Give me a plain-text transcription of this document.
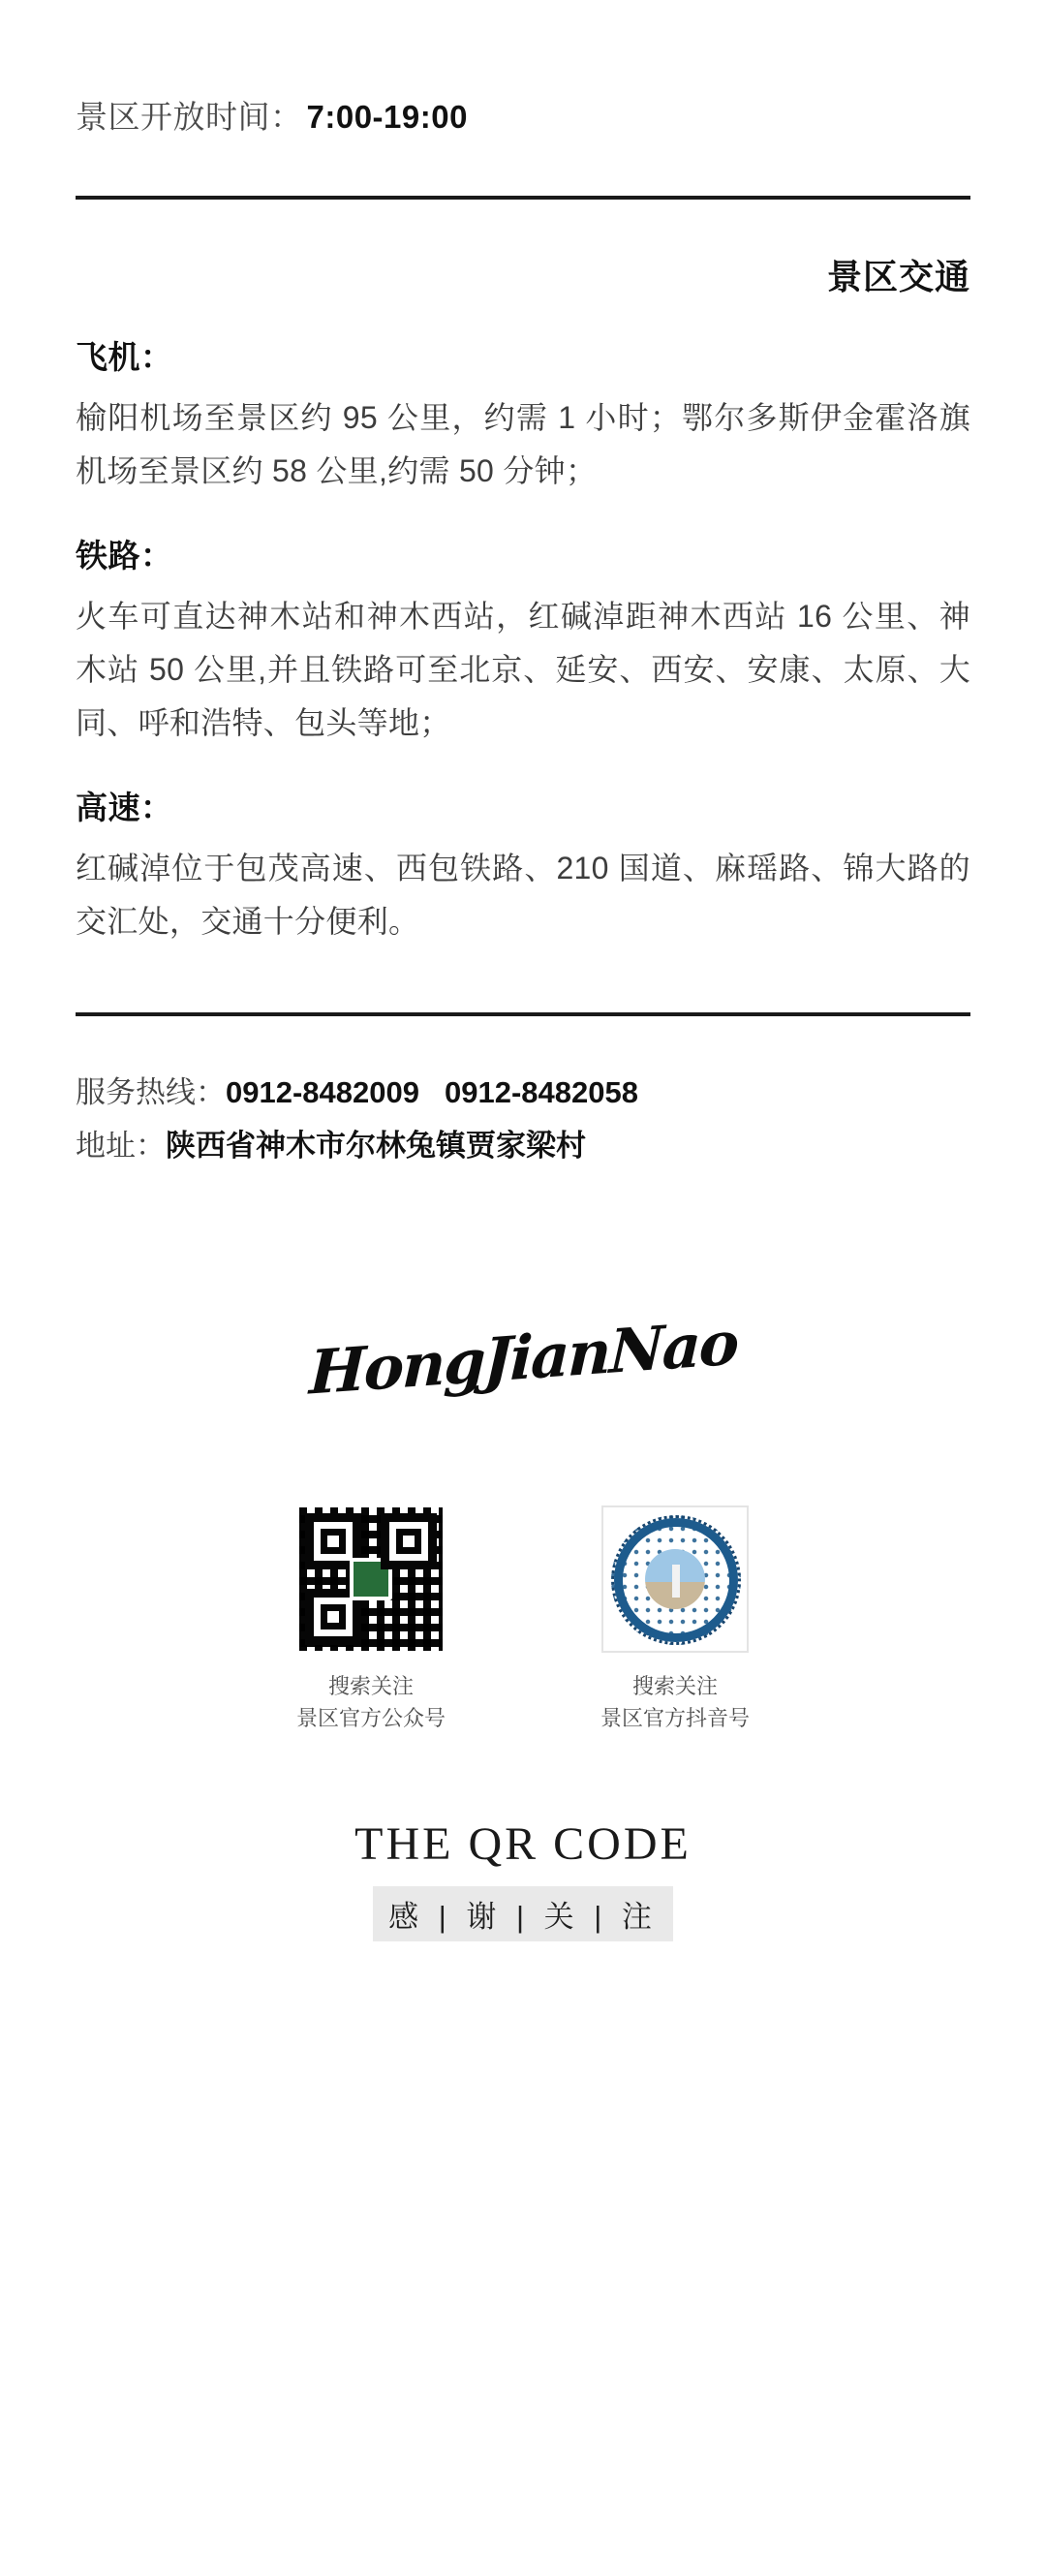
景区开放时间： 7:00-19:00
景区交通
飞机：
榆阳机场至景区约 95 公里，约需 1 小时；鄂尔多斯伊金霍洛旗机场至景区约 58 公里,约需 50 分钟；
铁路：
火车可直达神木站和神木西站，红碱淖距神木西站 16 公里、神木站 50 公里,并且铁路可至北京、延安、西安、安康、太原、大同、呼和浩特、包头等地；
高速：
红碱淖位于包茂高速、西包铁路、210 国道、麻瑶路、锦大路的交汇处，交通十分便利。
服务热线：0912-8482009 0912-8482058
地址：陕西省神木市尔林兔镇贾家梁村
HongJianNao
搜索关注
景区官方公众号
搜索关注
景区官方抖音号
THE QR CODE
感 | 谢 | 关 | 注
